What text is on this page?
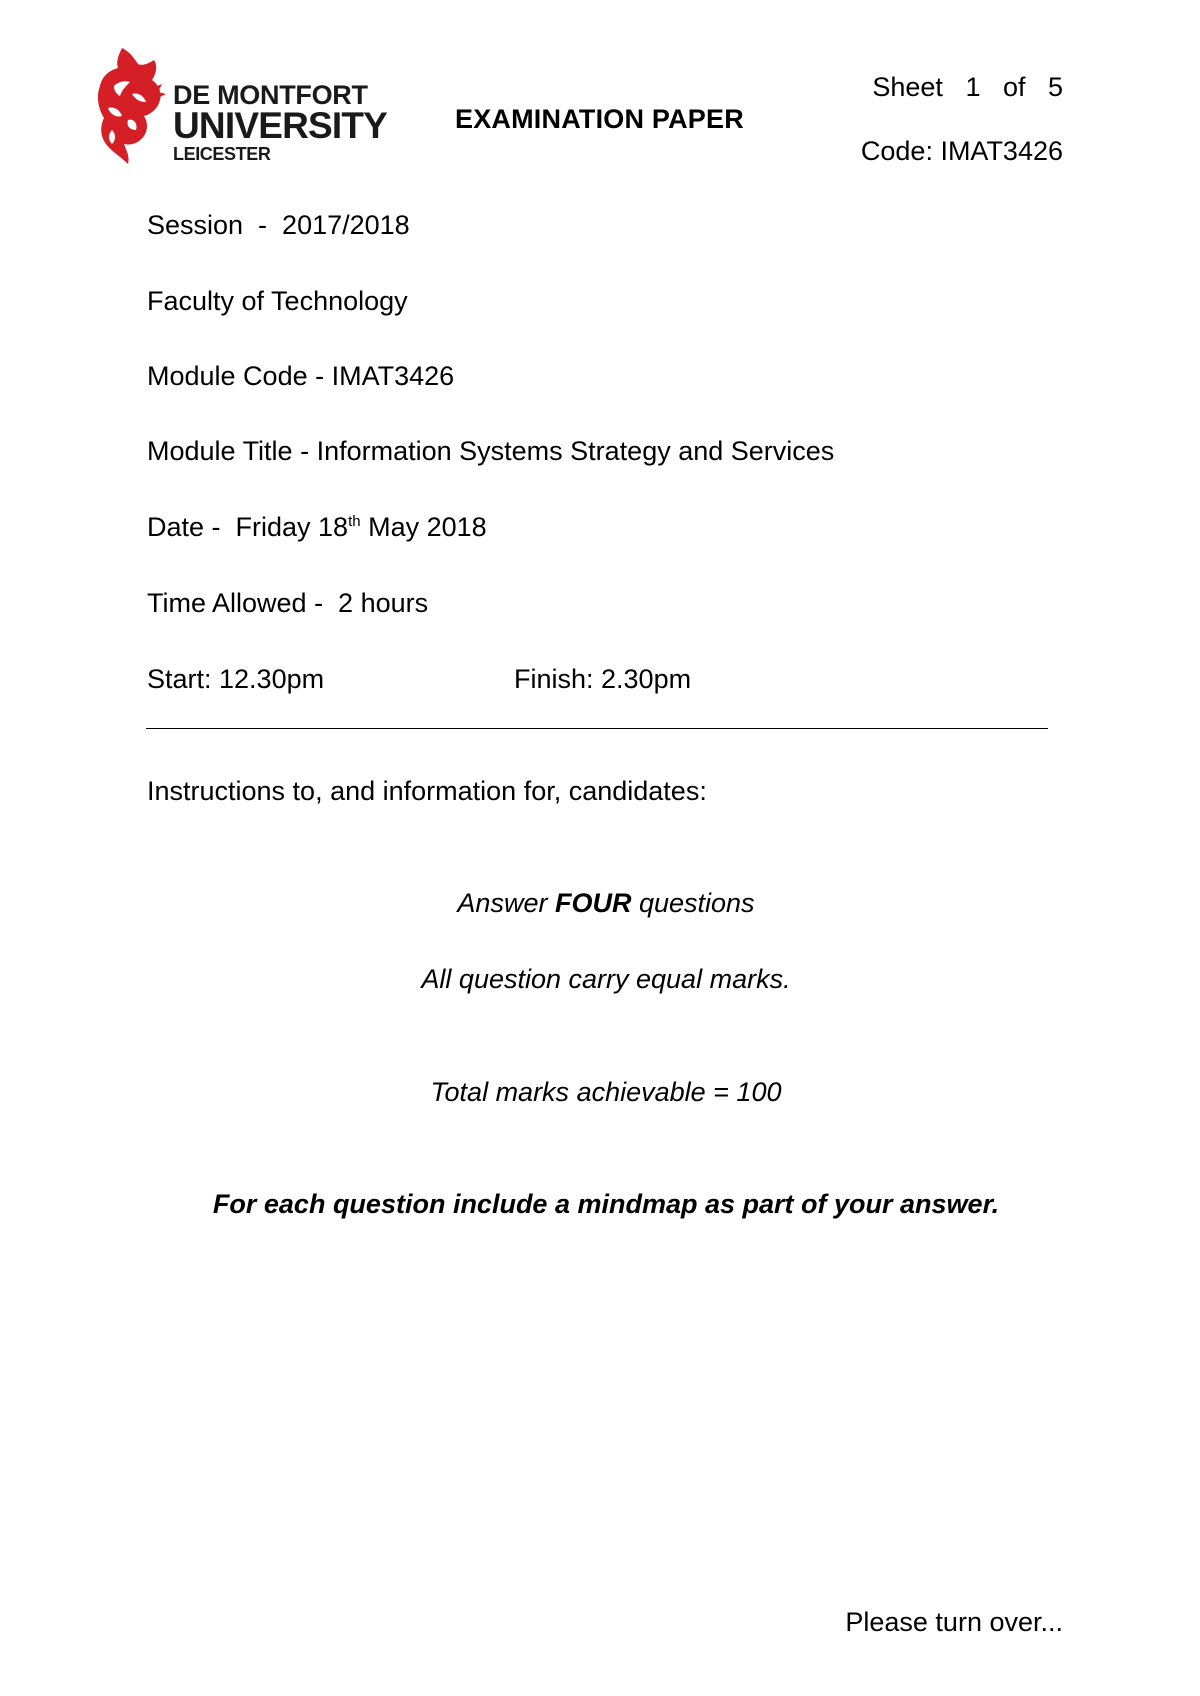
DE MONTFORT
UNIVERSITY
LEICESTER
EXAMINATION PAPER
Sheet   1   of   5
Code: IMAT3426
Session  -  2017/2018
Faculty of Technology
Module Code - IMAT3426
Module Title - Information Systems Strategy and Services
Date -  Friday 18th May 2018
Time Allowed -  2 hours
Start: 12.30pm	Finish: 2.30pm
Instructions to, and information for, candidates:
Answer FOUR questions
All question carry equal marks.
Total marks achievable = 100
For each question include a mindmap as part of your answer.
Please turn over...
